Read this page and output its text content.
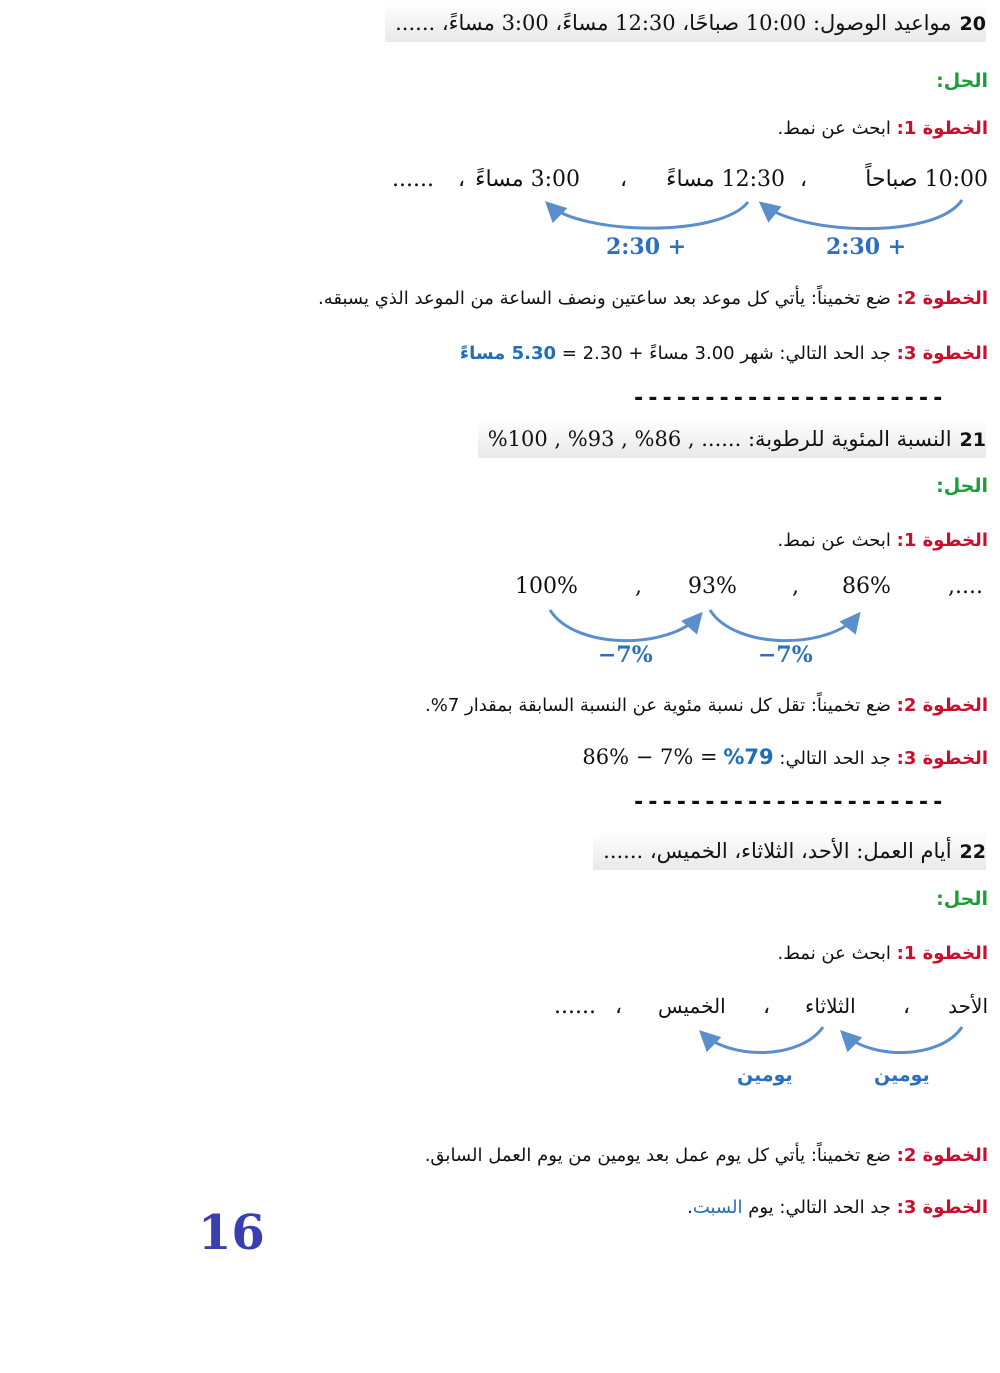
20مواعيد الوصول: 10:00 صباحًا، 12:30 مساءً، 3:00 مساءً، ......
الحل:
الخطوة 1: ابحث عن نمط.
10:00 صباحاً
،
12:30 مساءً
،
3:00 مساءً
،
......
2:30 +	2:30 +
الخطوة 2: ضع تخميناً: يأتي كل موعد بعد ساعتين ونصف الساعة من الموعد الذي يسبقه.
الخطوة 3: جد الحد التالي: شهر 3.00 مساءً + 2.30 = 5.30 مساءً
----------------------
21النسبة المئوية للرطوبة: ...... , 86% , 93% , 100%
الحل:
الخطوة 1: ابحث عن نمط.
100%	, 93%	, 86%	,....
−7%	−7%
الخطوة 2: ضع تخميناً: تقل كل نسبة مئوية عن النسبة السابقة بمقدار 7%.
الخطوة 3: جد الحد التالي: 79% 86% − 7% =
----------------------
22أيام العمل: الأحد، الثلاثاء، الخميس، ......
الحل:
الخطوة 1: ابحث عن نمط.
الأحد
،
الثلاثاء
،
الخميس
،
......
يومين	يومين
الخطوة 2: ضع تخميناً: يأتي كل يوم عمل بعد يومين من يوم العمل السابق.
الخطوة 3: جد الحد التالي: يوم السبت.
16
